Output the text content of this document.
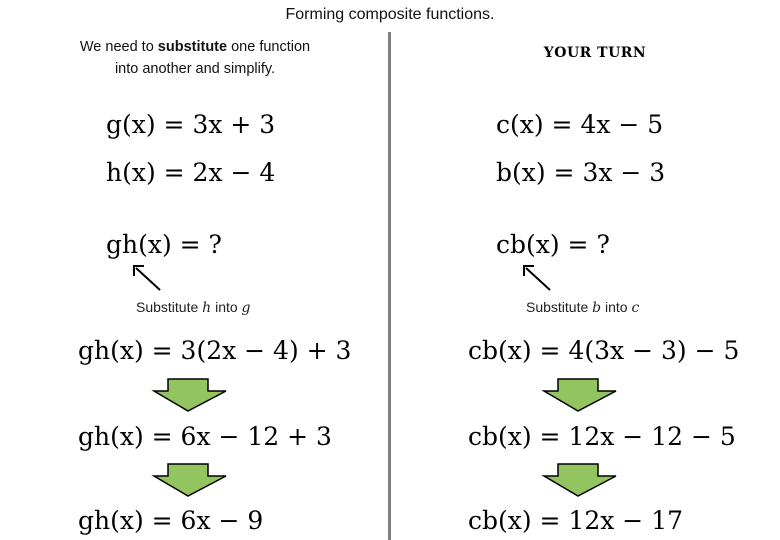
Forming composite functions.
We need to substitute one function
into another and simplify.
YOUR TURN
g(x) = 3x + 3
h(x) = 2x − 4
gh(x) = ?
Substitute h into g
gh(x) = 3(2x − 4) + 3
gh(x) = 6x − 12 + 3
gh(x) = 6x − 9
c(x) = 4x − 5
b(x) = 3x − 3
cb(x) = ?
Substitute b into c
cb(x) = 4(3x − 3) − 5
cb(x) = 12x − 12 − 5
cb(x) = 12x − 17
